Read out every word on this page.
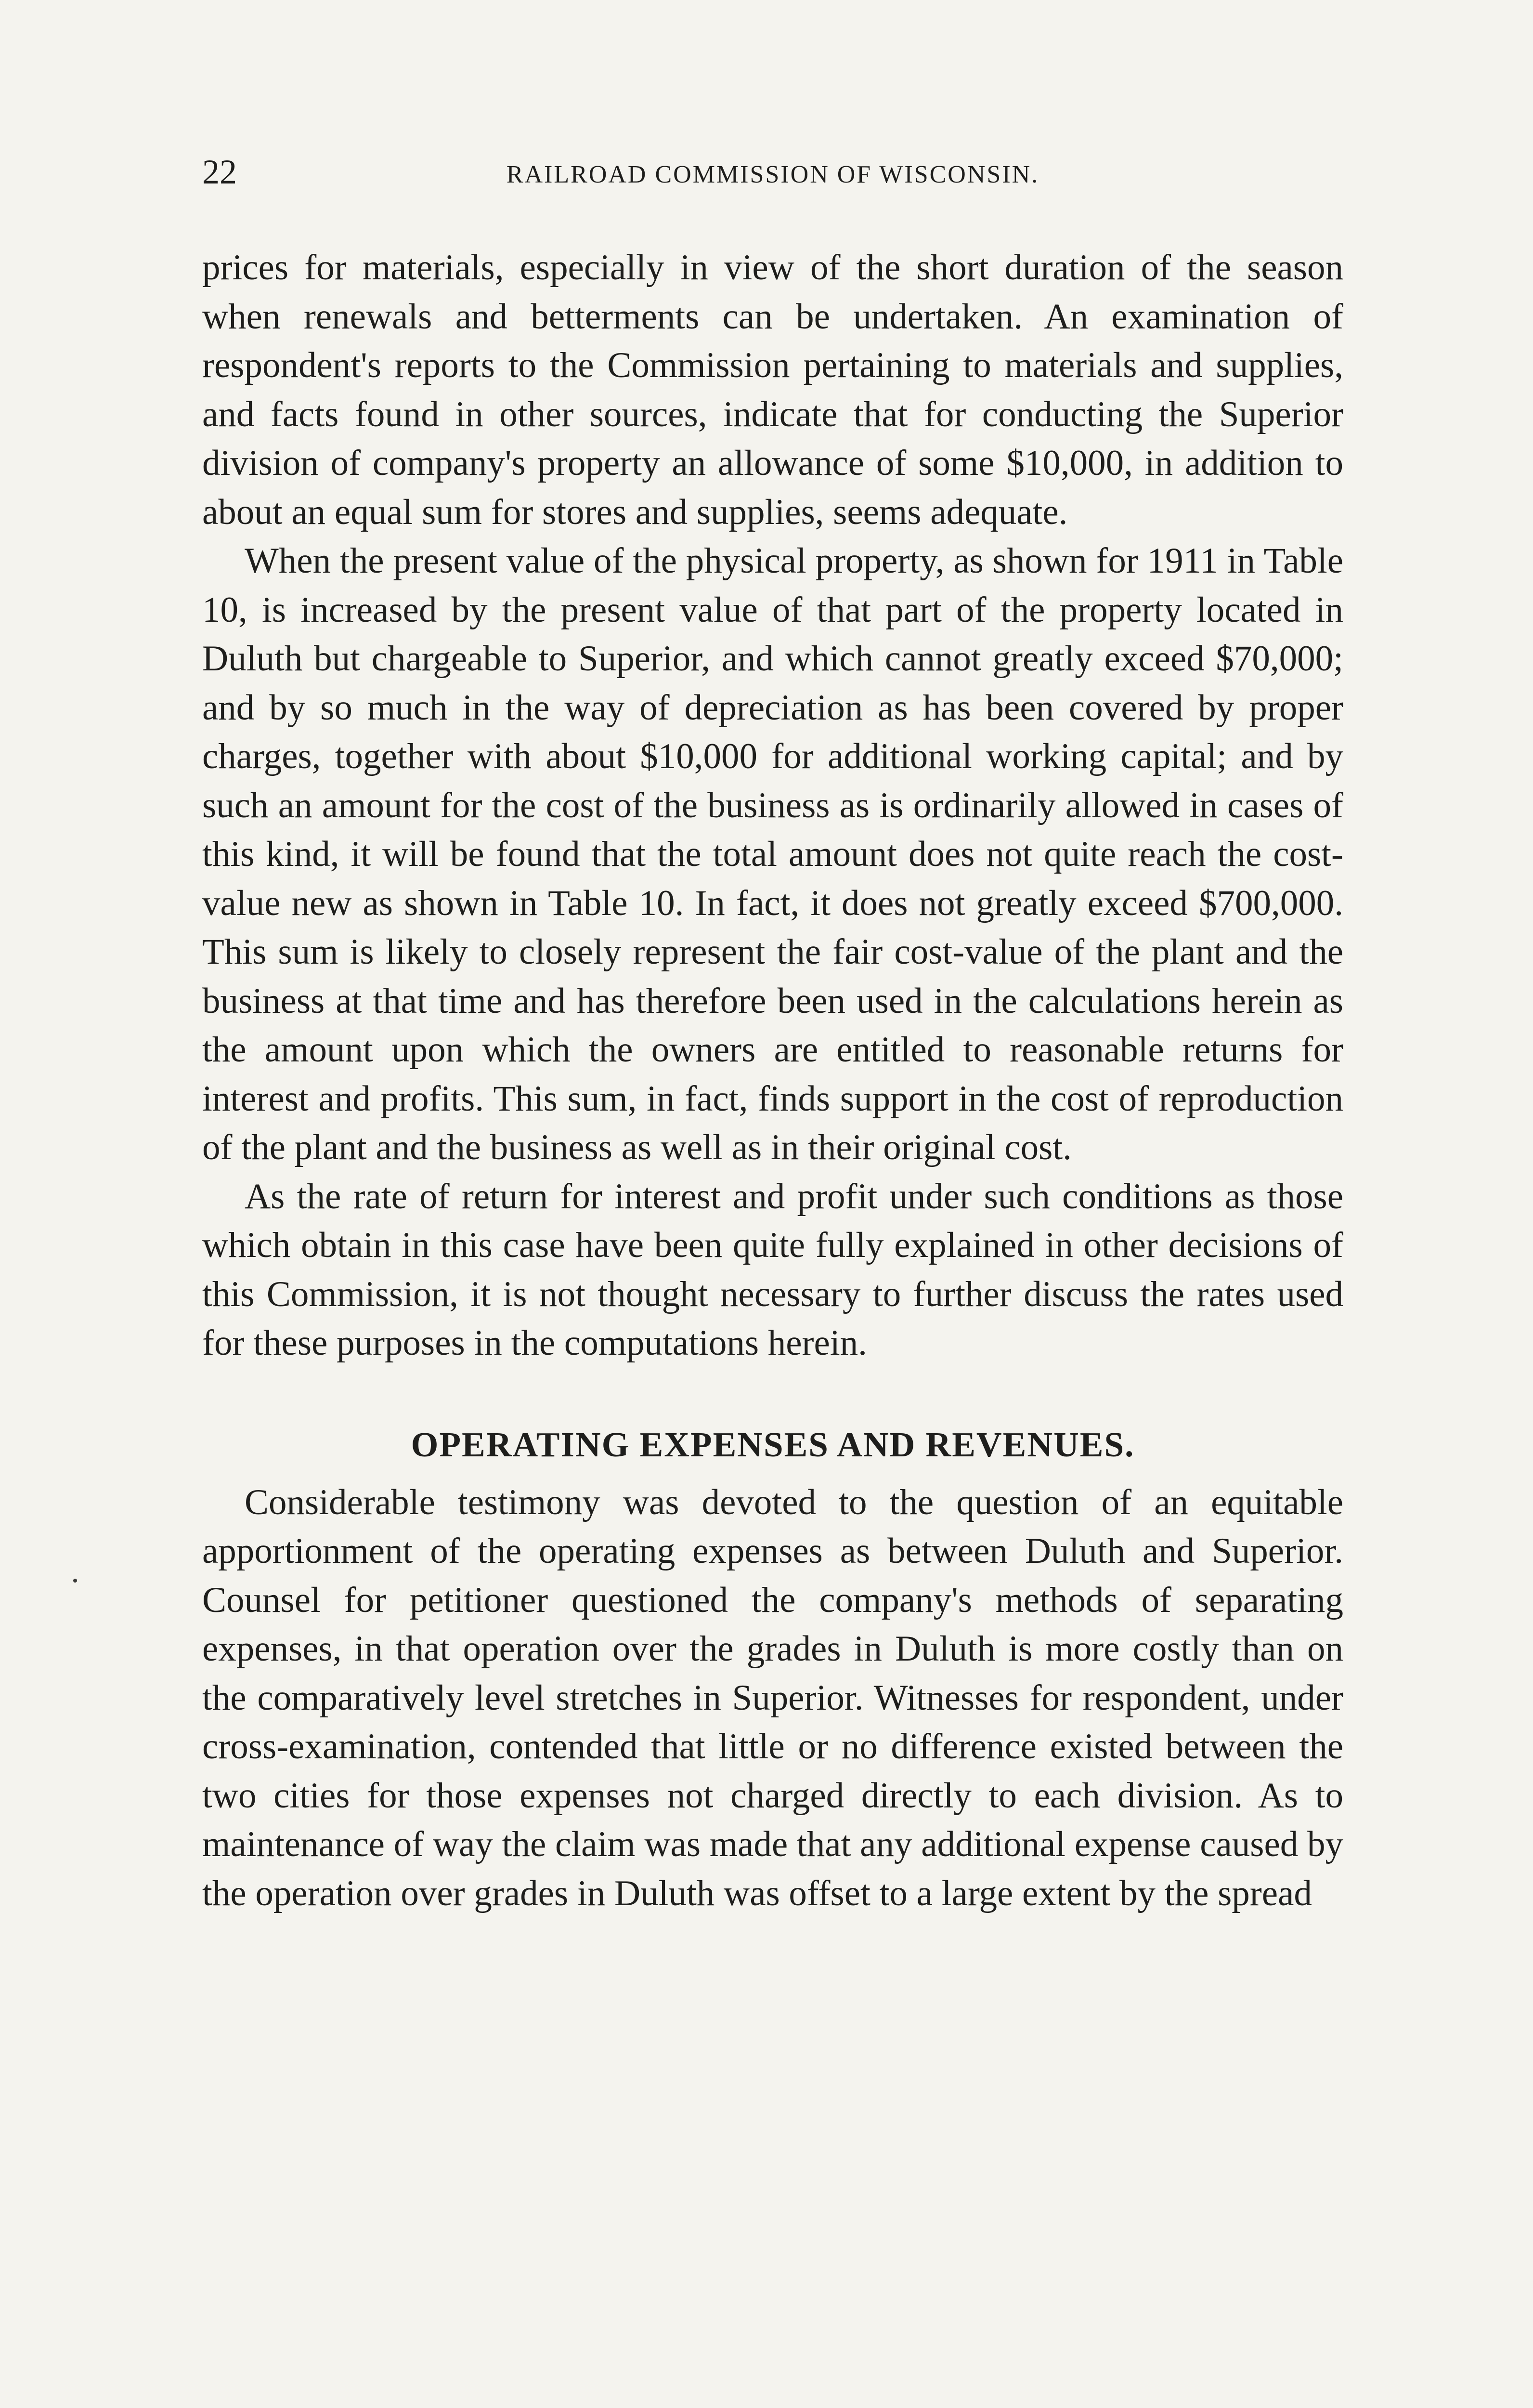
22	RAILROAD COMMISSION OF WISCONSIN.

prices for materials, especially in view of the short duration of the season when renewals and betterments can be undertaken. An examination of respondent's reports to the Commission pertaining to materials and supplies, and facts found in other sources, indicate that for conducting the Superior division of company's property an allowance of some $10,000, in addition to about an equal sum for stores and supplies, seems adequate.

When the present value of the physical property, as shown for 1911 in Table 10, is increased by the present value of that part of the property located in Duluth but chargeable to Superior, and which cannot greatly exceed $70,000; and by so much in the way of depreciation as has been covered by proper charges, together with about $10,000 for additional working capital; and by such an amount for the cost of the business as is ordinarily allowed in cases of this kind, it will be found that the total amount does not quite reach the cost-value new as shown in Table 10. In fact, it does not greatly exceed $700,000. This sum is likely to closely represent the fair cost-value of the plant and the business at that time and has therefore been used in the calculations herein as the amount upon which the owners are entitled to reasonable returns for interest and profits. This sum, in fact, finds support in the cost of reproduction of the plant and the business as well as in their original cost.

As the rate of return for interest and profit under such conditions as those which obtain in this case have been quite fully explained in other decisions of this Commission, it is not thought necessary to further discuss the rates used for these purposes in the computations herein.

OPERATING EXPENSES AND REVENUES.

Considerable testimony was devoted to the question of an equitable apportionment of the operating expenses as between Duluth and Superior. Counsel for petitioner questioned the company's methods of separating expenses, in that operation over the grades in Duluth is more costly than on the comparatively level stretches in Superior. Witnesses for respondent, under cross-examination, contended that little or no difference existed between the two cities for those expenses not charged directly to each division. As to maintenance of way the claim was made that any additional expense caused by the operation over grades in Duluth was offset to a large extent by the spread
